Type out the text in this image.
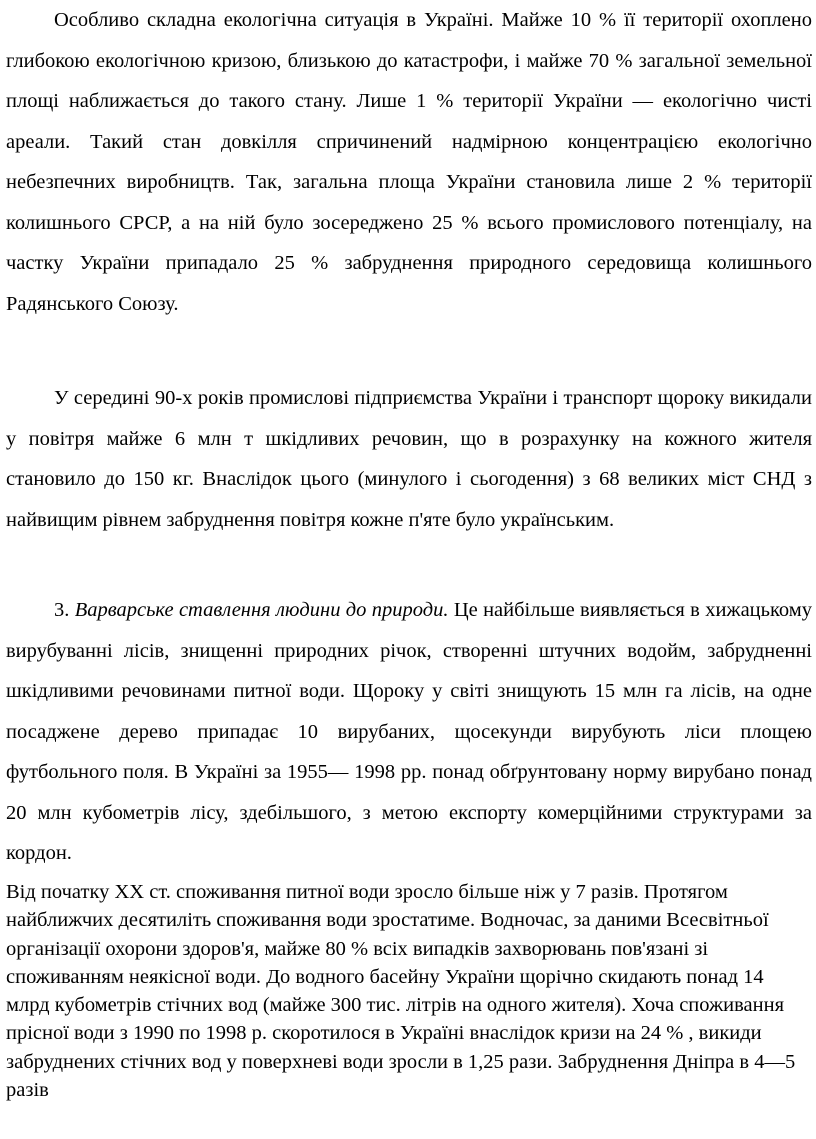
Особливо складна екологічна ситуація в Україні. Майже 10 % її території охоплено глибокою екологічною кризою, близькою до катастрофи, і майже 70 % загальної земельної площі наближається до такого стану. Лише 1 % території України — екологічно чисті ареали. Такий стан довкілля спричинений надмірною концентрацією екологічно небезпечних виробництв. Так, загальна площа України становила лише 2 % території колишнього СРСР, а на ній було зосереджено 25 % всього промислового потенціалу, на частку України припадало 25 % забруднення природного середовища колишнього Радянського Союзу.

У середині 90-х років промислові підприємства України і транспорт щороку викидали у повітря майже 6 млн т шкідливих речовин, що в розрахунку на кожного жителя становило до 150 кг. Внаслідок цього (минулого і сьогодення) з 68 великих міст СНД з найвищим рівнем забруднення повітря кожне п'яте було українським.

3. Варварське ставлення людини до природи. Це найбільше виявляється в хижацькому вирубуванні лісів, знищенні природних річок, створенні штучних водойм, забрудненні шкідливими речовинами питної води. Щороку у світі знищують 15 млн га лісів, на одне посаджене дерево припадає 10 вирубаних, щосекунди вирубують ліси площею футбольного поля. В Україні за 1955— 1998 рр. понад обґрунтовану норму вирубано понад 20 млн кубометрів лісу, здебільшого, з метою експорту комерційними структурами за кордон.

Від початку XX ст. споживання питної води зросло більше ніж у 7 разів. Протягом найближчих десятиліть споживання води зростатиме. Водночас, за даними Всесвітньої організації охорони здоров'я, майже 80 % всіх випадків захворювань пов'язані зі споживанням неякісної води. До водного басейну України щорічно скидають понад 14 млрд кубометрів стічних вод (майже 300 тис. літрів на одного жителя). Хоча споживання прісної води з 1990 по 1998 р. скоротилося в Україні внаслідок кризи на 24 % , викиди забруднених стічних вод у поверхневі води зросли в 1,25 рази. Забруднення Дніпра в 4—5 разів
